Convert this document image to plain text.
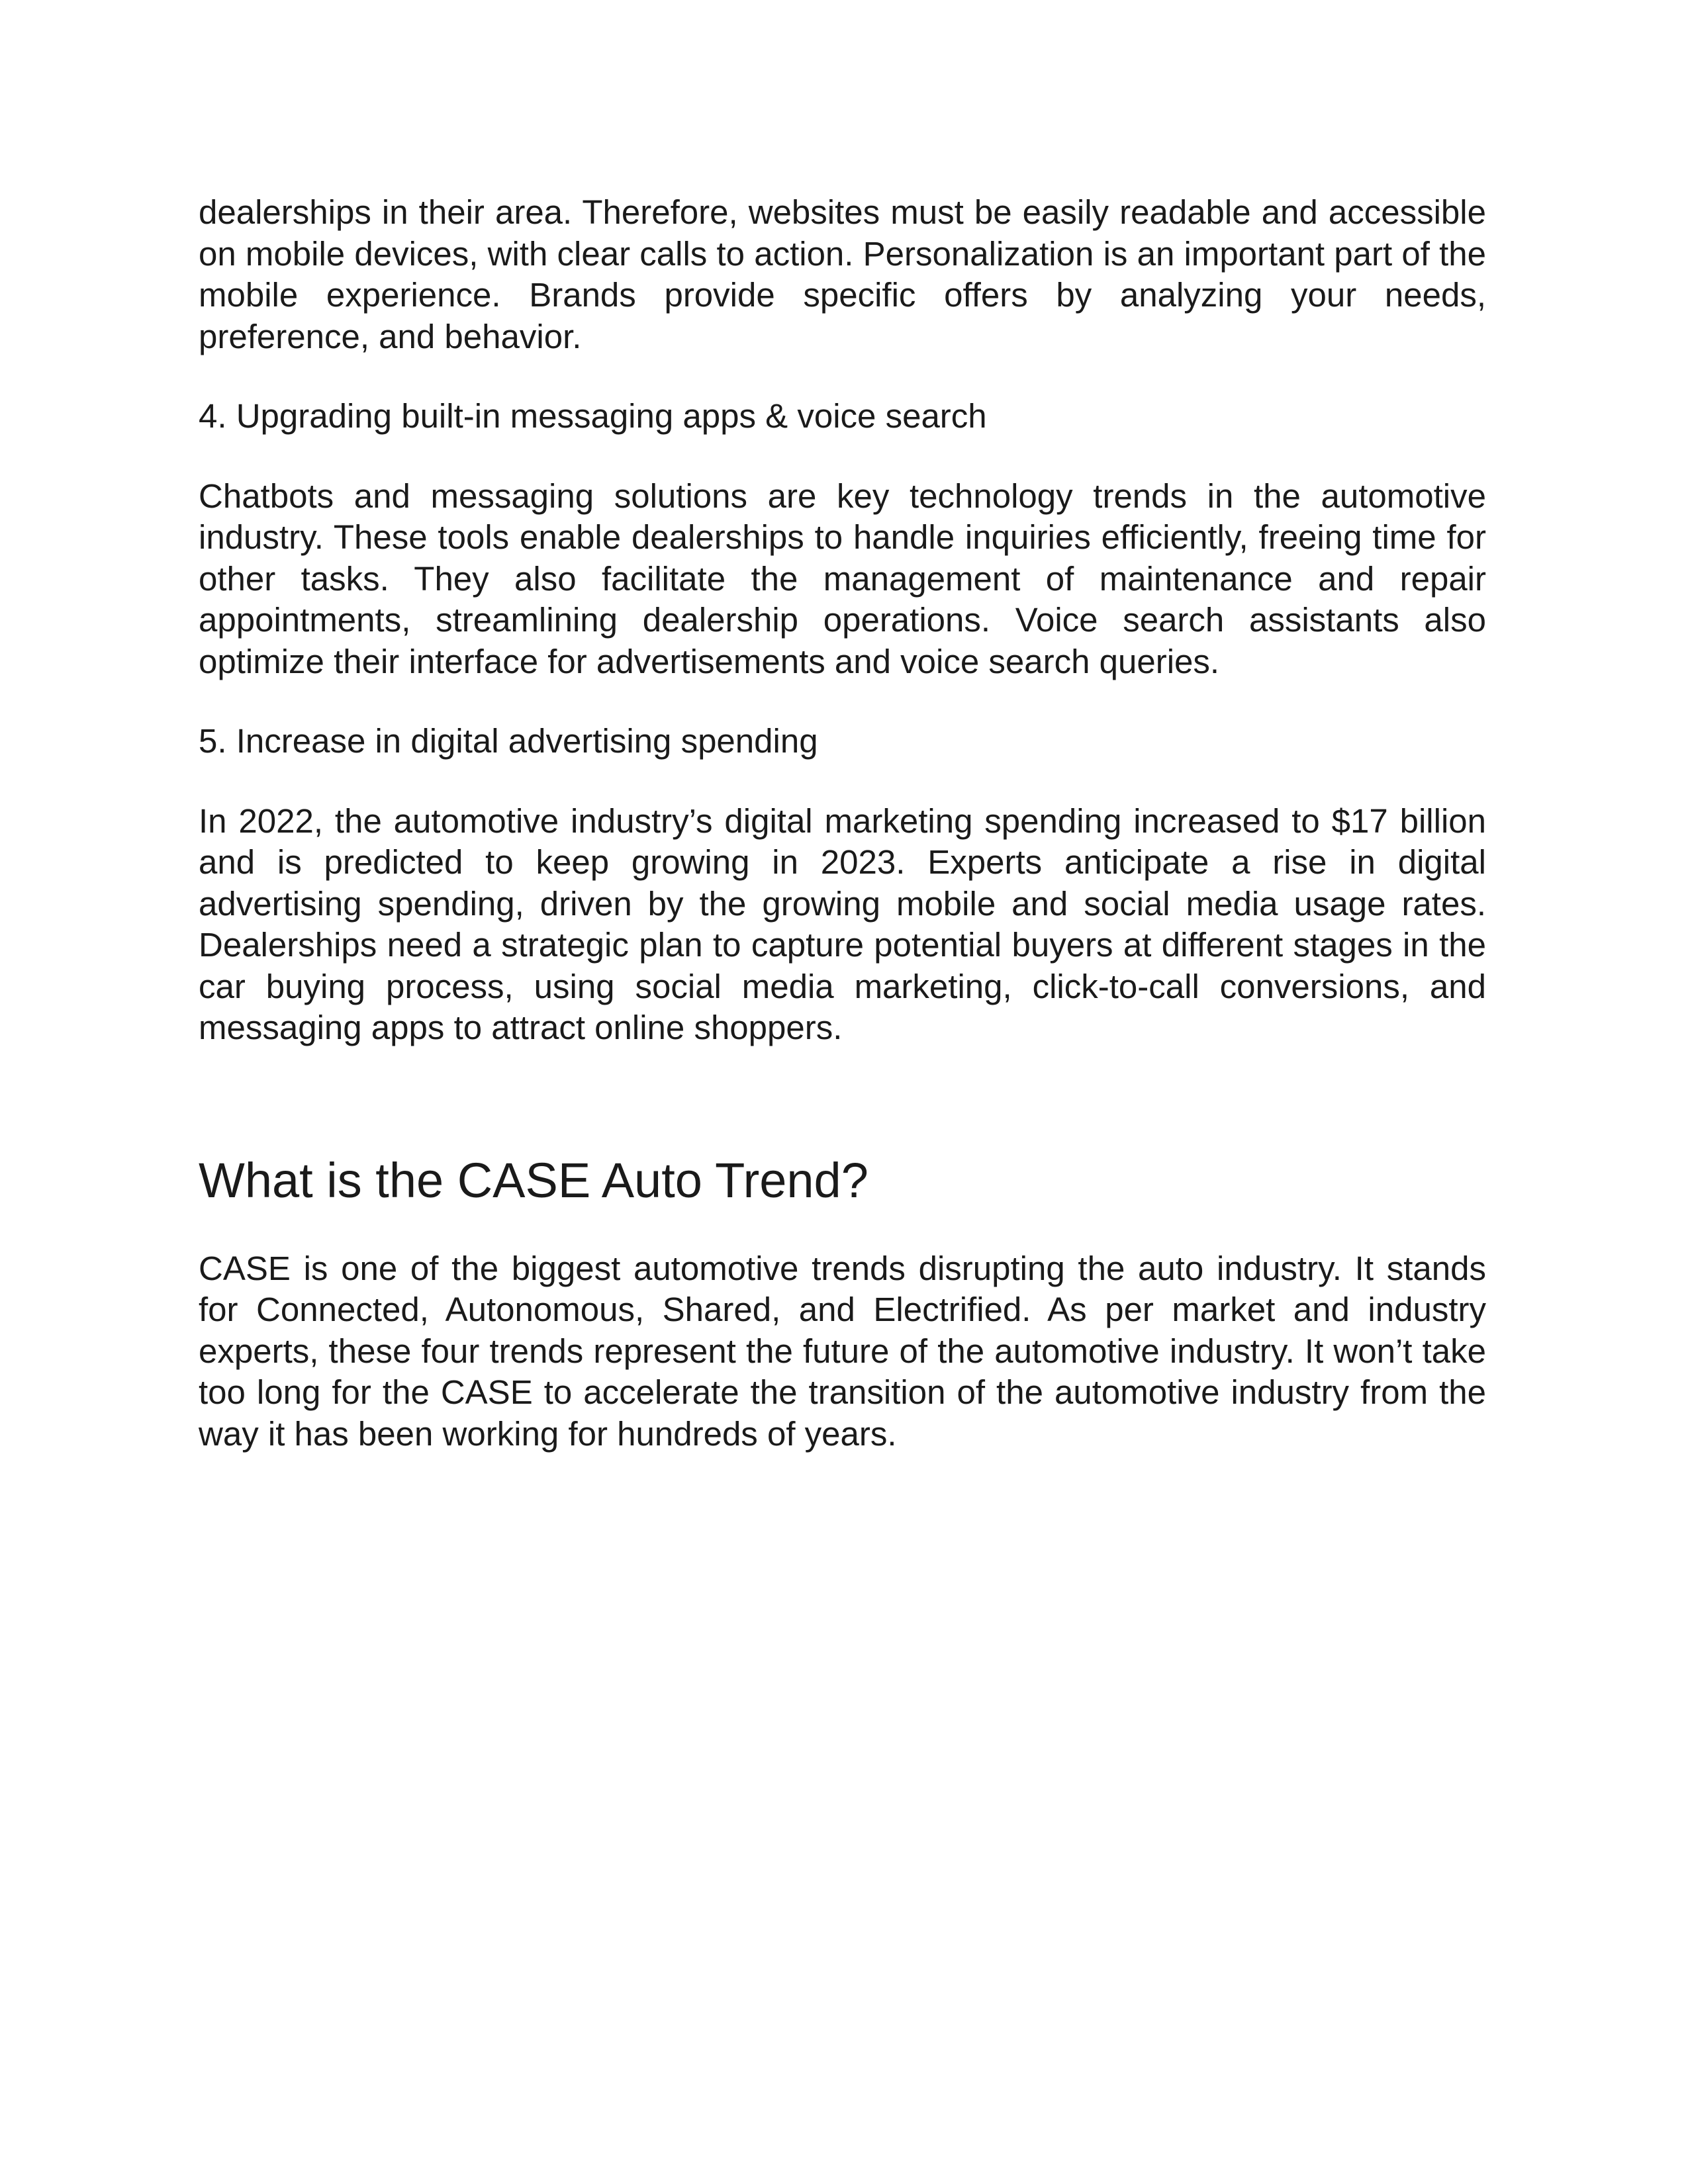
dealerships in their area. Therefore, websites must be easily readable and accessible on mobile devices, with clear calls to action. Personalization is an important part of the mobile experience. Brands provide specific offers by analyzing your needs, preference, and behavior.

4. Upgrading built-in messaging apps & voice search

Chatbots and messaging solutions are key technology trends in the automotive industry. These tools enable dealerships to handle inquiries efficiently, freeing time for other tasks. They also facilitate the management of maintenance and repair appointments, streamlining dealership operations. Voice search assistants also optimize their interface for advertisements and voice search queries.

5. Increase in digital advertising spending

In 2022, the automotive industry’s digital marketing spending increased to $17 billion and is predicted to keep growing in 2023. Experts anticipate a rise in digital advertising spending, driven by the growing mobile and social media usage rates. Dealerships need a strategic plan to capture potential buyers at different stages in the car buying process, using social media marketing, click-to-call conversions, and messaging apps to attract online shoppers.

What is the CASE Auto Trend?

CASE is one of the biggest automotive trends disrupting the auto industry. It stands for Connected, Autonomous, Shared, and Electrified. As per market and industry experts, these four trends represent the future of the automotive industry. It won’t take too long for the CASE to accelerate the transition of the automotive industry from the way it has been working for hundreds of years.
